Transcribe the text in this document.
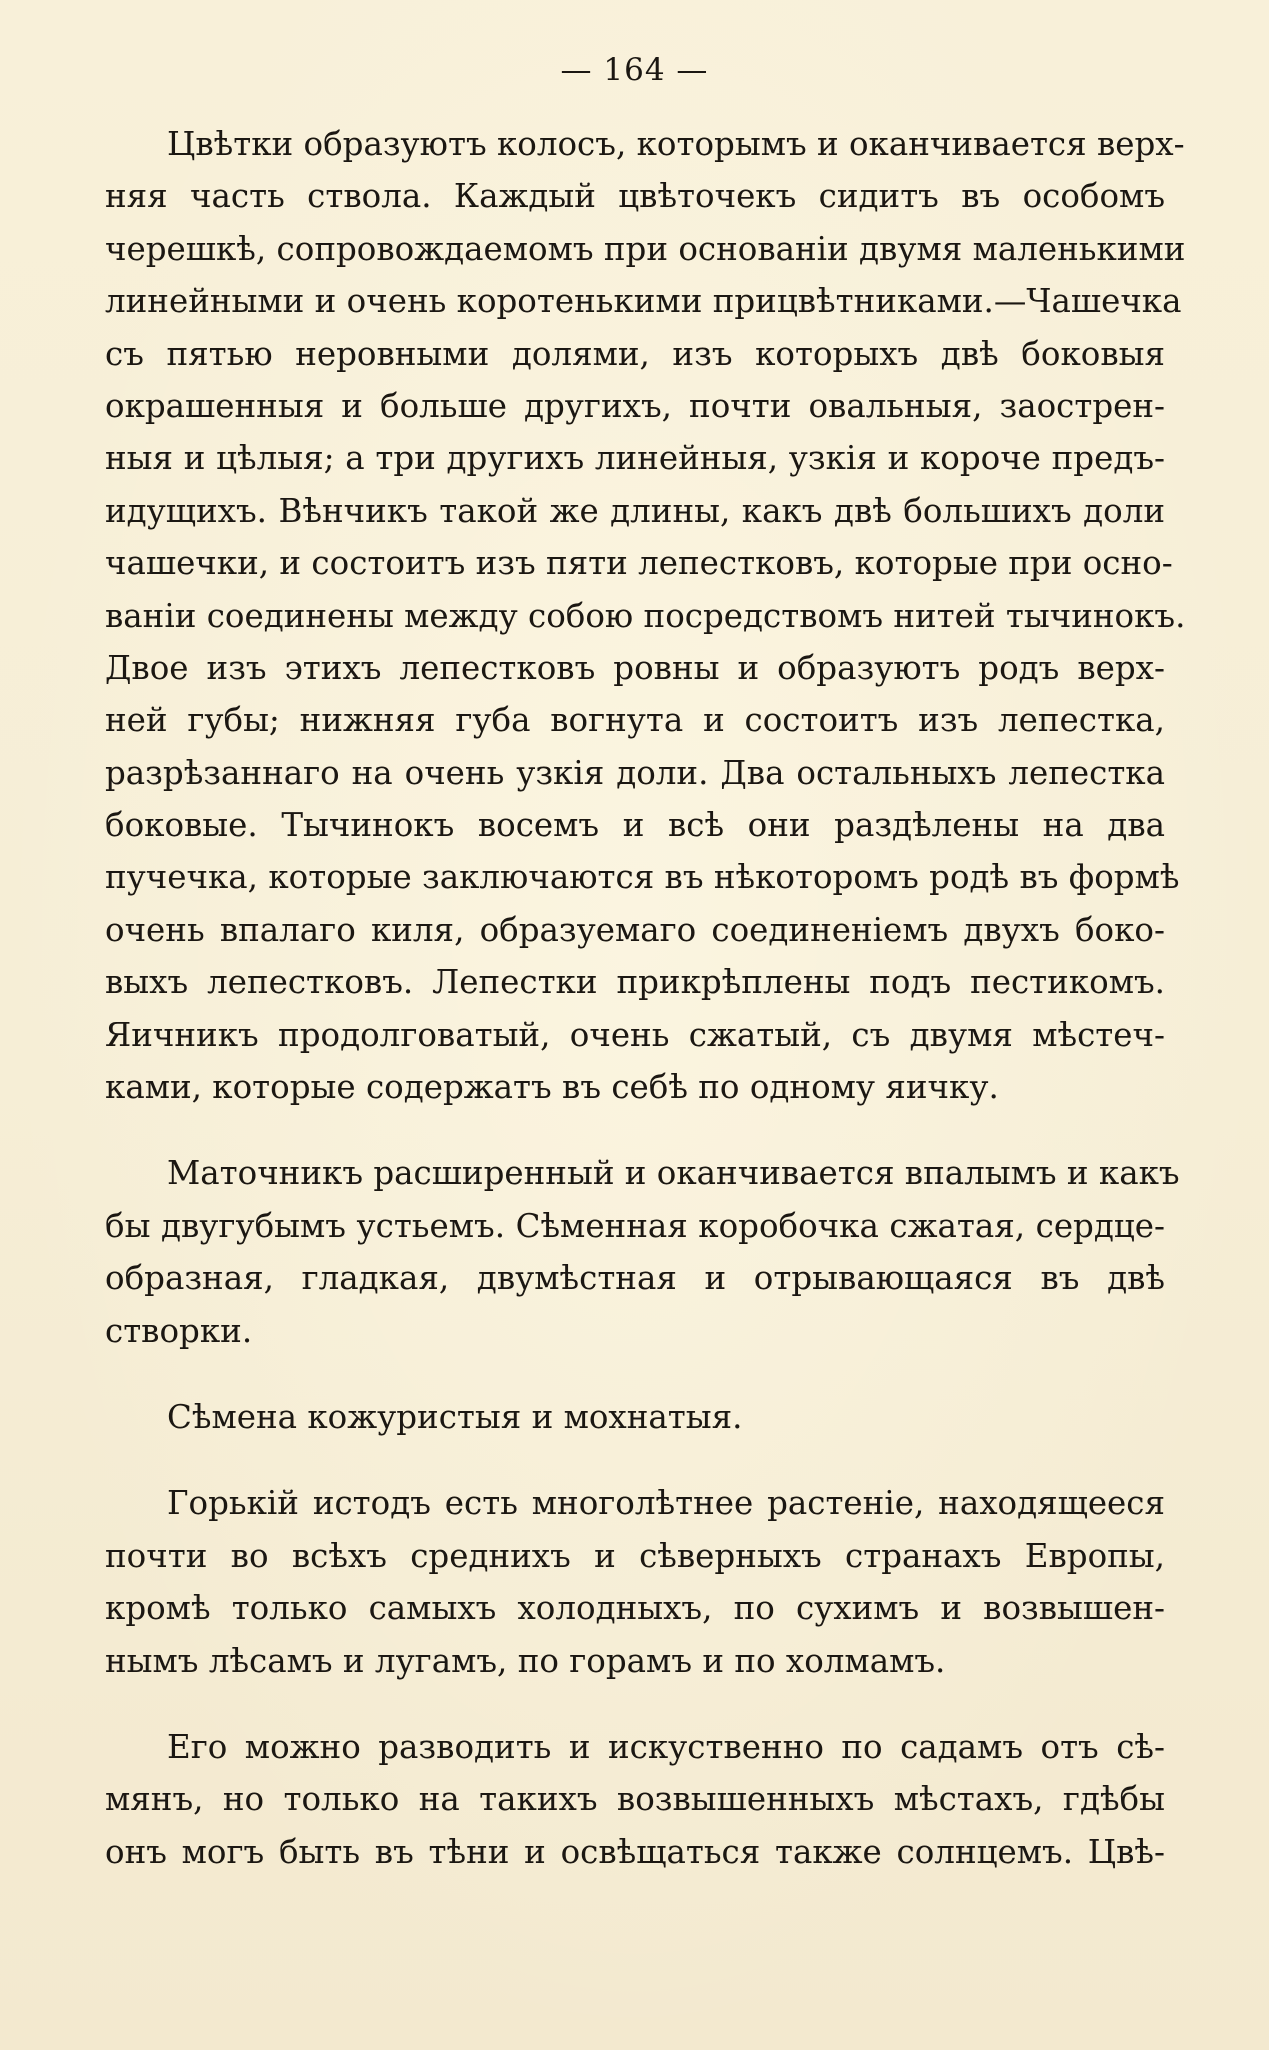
— 164 —

Цвѣтки образуютъ колосъ, которымъ и оканчивается верх-
няя часть ствола. Каждый цвѣточекъ сидитъ въ особомъ
черешкѣ, сопровождаемомъ при основаніи двумя маленькими
линейными и очень коротенькими прицвѣтниками.—Чашечка
съ пятью неровными долями, изъ которыхъ двѣ боковыя
окрашенныя и больше другихъ, почти овальныя, заострен-
ныя и цѣлыя; а три другихъ линейныя, узкія и короче предъ-
идущихъ. Вѣнчикъ такой же длины, какъ двѣ большихъ доли
чашечки, и состоитъ изъ пяти лепестковъ, которые при осно-
ваніи соединены между собою посредствомъ нитей тычинокъ.
Двое изъ этихъ лепестковъ ровны и образуютъ родъ верх-
ней губы; нижняя губа вогнута и состоитъ изъ лепестка,
разрѣзаннаго на очень узкія доли. Два остальныхъ лепестка
боковые. Тычинокъ восемъ и всѣ они раздѣлены на два
пучечка, которые заключаются въ нѣкоторомъ родѣ въ формѣ
очень впалаго киля, образуемаго соединеніемъ двухъ боко-
выхъ лепестковъ. Лепестки прикрѣплены подъ пестикомъ.
Яичникъ продолговатый, очень сжатый, съ двумя мѣстеч-
ками, которые содержатъ въ себѣ по одному яичку.

Маточникъ расширенный и оканчивается впалымъ и какъ
бы двугубымъ устьемъ. Сѣменная коробочка сжатая, сердце-
образная, гладкая, двумѣстная и отрывающаяся въ двѣ
створки.

Сѣмена кожуристыя и мохнатыя.

Горькій истодъ есть многолѣтнее растеніе, находящееся
почти во всѣхъ среднихъ и сѣверныхъ странахъ Европы,
кромѣ только самыхъ холодныхъ, по сухимъ и возвышен-
нымъ лѣсамъ и лугамъ, по горамъ и по холмамъ.

Его можно разводить и искуственно по садамъ отъ сѣ-
мянъ, но только на такихъ возвышенныхъ мѣстахъ, гдѣбы
онъ могъ быть въ тѣни и освѣщаться также солнцемъ. Цвѣ-
